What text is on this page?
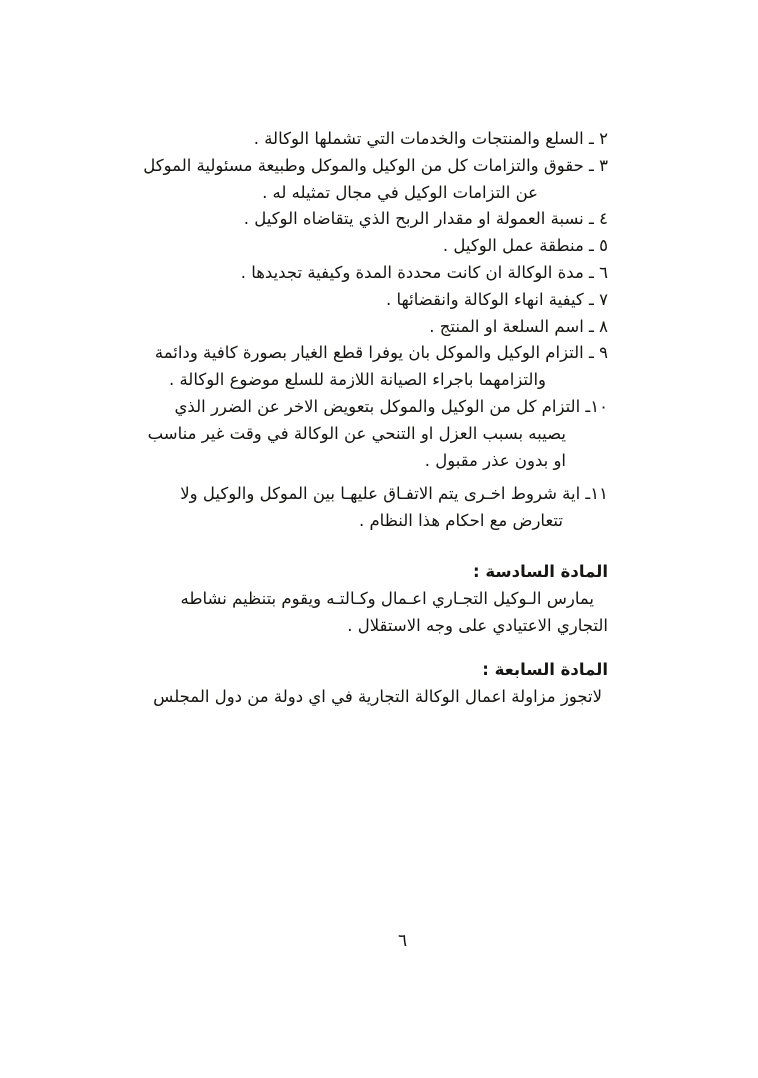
٢ ـ السلع والمنتجات والخدمات التي تشملها الوكالة .
٣ ـ حقوق والتزامات كل من الوكيل والموكل وطبيعة مسئولية الموكل
عن التزامات الوكيل في مجال تمثيله له .
٤ ـ نسبة العمولة او مقدار الربح الذي يتقاضاه الوكيل .
٥ ـ منطقة عمل الوكيل .
٦ ـ مدة الوكالة ان كانت محددة المدة وكيفية تجديدها .
٧ ـ كيفية انهاء الوكالة وانقضائها .
٨ ـ اسم السلعة او المنتج .
٩ ـ التزام الوكيل والموكل بان يوفرا قطع الغيار بصورة كافية ودائمة
والتزامهما باجراء الصيانة اللازمة للسلع موضوع الوكالة .
١٠ـ التزام كل من الوكيل والموكل بتعويض الاخر عن الضرر الذي
يصيبه بسبب العزل او التنحي عن الوكالة في وقت غير مناسب
او بدون عذر مقبول .
١١ـ اية شروط اخـرى يتم الاتفـاق عليهـا بين الموكل والوكيل ولا
تتعارض مع احكام هذا النظام .
المادة السادسة :
يمارس الـوكيل التجـاري اعـمال وكـالتـه ويقوم بتنظيم نشاطه
التجاري الاعتيادي على وجه الاستقلال .
المادة السابعة :
لاتجوز مزاولة اعمال الوكالة التجارية في اي دولة من دول المجلس
٦
